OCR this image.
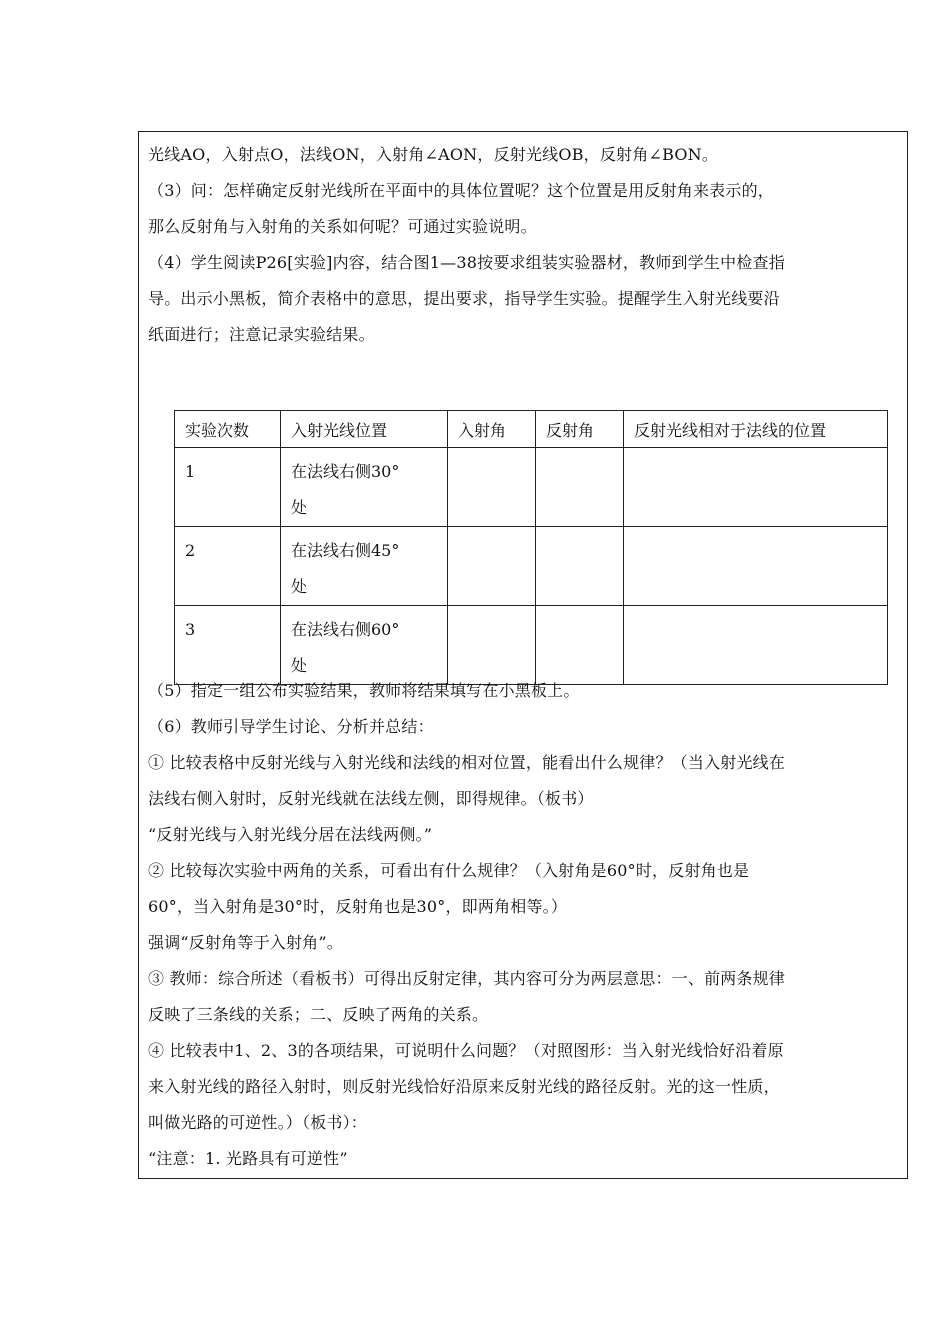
光线AO，入射点O，法线ON，入射角∠AON，反射光线OB，反射角∠BON。
（3）问：怎样确定反射光线所在平面中的具体位置呢？这个位置是用反射角来表示的，
那么反射角与入射角的关系如何呢？可通过实验说明。
（4）学生阅读P26[实验]内容，结合图1—38按要求组装实验器材，教师到学生中检查指
导。出示小黑板，简介表格中的意思，提出要求，指导学生实验。提醒学生入射光线要沿
纸面进行；注意记录实验结果。
实验次数	入射光线位置	入射角	反射角	反射光线相对于法线的位置
1	在法线右侧30°
处			

2	在法线右侧45°
处			

3	在法线右侧60°
处			

（5）指定一组公布实验结果，教师将结果填写在小黑板上。
（6）教师引导学生讨论、分析并总结：
① 比较表格中反射光线与入射光线和法线的相对位置，能看出什么规律？（当入射光线在
法线右侧入射时，反射光线就在法线左侧，即得规律。（板书）
“反射光线与入射光线分居在法线两侧。”
② 比较每次实验中两角的关系，可看出有什么规律？（入射角是60°时，反射角也是
60°，当入射角是30°时，反射角也是30°，即两角相等。）
强调“反射角等于入射角”。
③ 教师：综合所述（看板书）可得出反射定律，其内容可分为两层意思：一、前两条规律
反映了三条线的关系；二、反映了两角的关系。
④ 比较表中1、2、3的各项结果，可说明什么问题？（对照图形：当入射光线恰好沿着原
来入射光线的路径入射时，则反射光线恰好沿原来反射光线的路径反射。光的这一性质，
叫做光路的可逆性。）（板书）：
“注意：1. 光路具有可逆性”
